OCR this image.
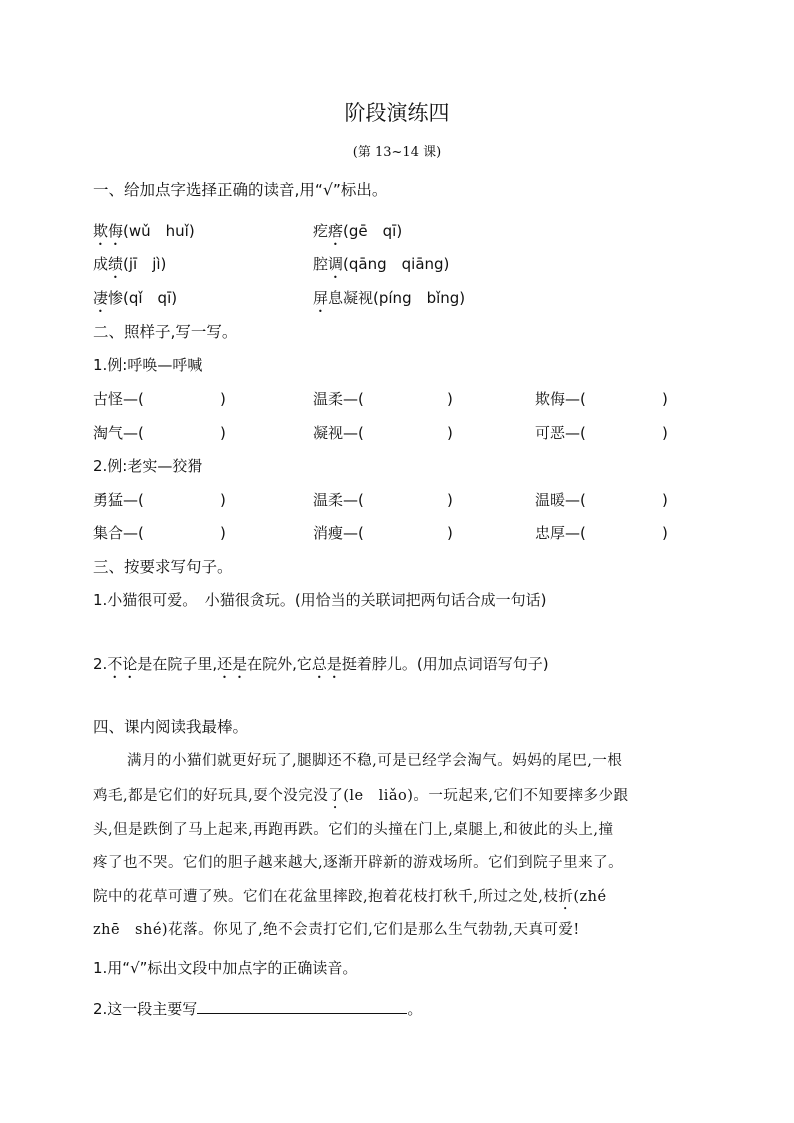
阶段演练四
(第 13~14 课)
一、给加点字选择正确的读音,用“√”标出。
欺侮(wǔ　huǐ)	疙瘩(gē　qī)
成绩(jī　jì)	腔调(qāng　qiāng)
凄惨(qǐ　qī)	屏息凝视(píng　bǐng)
二、照样子,写一写。
1.例:呼唤—呼喊
古怪—(	)	温柔—(	)	欺侮—(	)
淘气—(	)	凝视—(	)	可恶—(	)
2.例:老实—狡猾
勇猛—(	)	温柔—(	)	温暖—(	)
集合—(	)	消瘦—(	)	忠厚—(	)
三、按要求写句子。
1.小猫很可爱。　小猫很贪玩。(用恰当的关联词把两句话合成一句话)
2.不论是在院子里,还是在院外,它总是挺着脖儿。(用加点词语写句子)
四、课内阅读我最棒。
满月的小猫们就更好玩了,腿脚还不稳,可是已经学会淘气。妈妈的尾巴,一根
鸡毛,都是它们的好玩具,耍个没完没了(le　liǎo)。一玩起来,它们不知要摔多少跟
头,但是跌倒了马上起来,再跑再跌。它们的头撞在门上,桌腿上,和彼此的头上,撞
疼了也不哭。它们的胆子越来越大,逐渐开辟新的游戏场所。它们到院子里来了。
院中的花草可遭了殃。它们在花盆里摔跤,抱着花枝打秋千,所过之处,枝折(zhé
zhē　shé)花落。你见了,绝不会责打它们,它们是那么生气勃勃,天真可爱!
1.用“√”标出文段中加点字的正确读音。
2.这一段主要写	。
